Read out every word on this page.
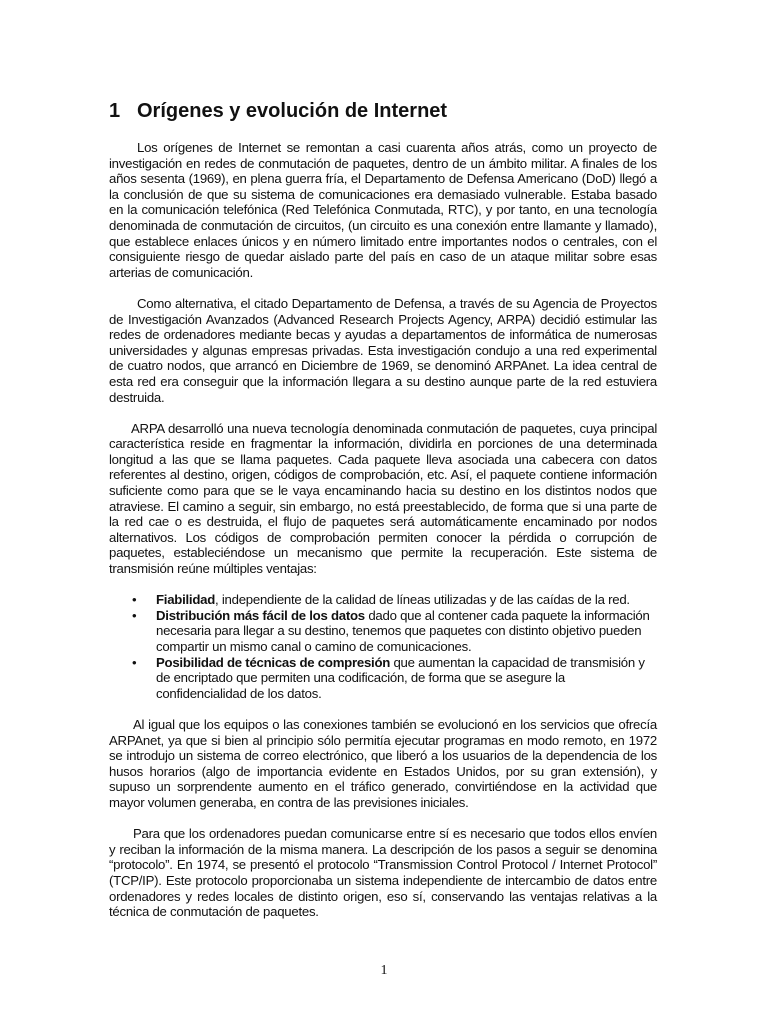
1 Orígenes y evolución de Internet

Los orígenes de Internet se remontan a casi cuarenta años atrás, como un proyecto de investigación en redes de conmutación de paquetes, dentro de un ámbito militar. A finales de los años sesenta (1969), en plena guerra fría, el Departamento de Defensa Americano (DoD) llegó a la conclusión de que su sistema de comunicaciones era demasiado vulnerable. Estaba basado en la comunicación telefónica (Red Telefónica Conmutada, RTC), y por tanto, en una tecnología denominada de conmutación de circuitos, (un circuito es una conexión entre llamante y llamado), que establece enlaces únicos y en número limitado entre importantes nodos o centrales, con el consiguiente riesgo de quedar aislado parte del país en caso de un ataque militar sobre esas arterias de comunicación.

Como alternativa, el citado Departamento de Defensa, a través de su Agencia de Proyectos de Investigación Avanzados (Advanced Research Projects Agency, ARPA) decidió estimular las redes de ordenadores mediante becas y ayudas a departamentos de informática de numerosas universidades y algunas empresas privadas. Esta investigación condujo a una red experimental de cuatro nodos, que arrancó en Diciembre de 1969, se denominó ARPAnet. La idea central de esta red era conseguir que la información llegara a su destino aunque parte de la red estuviera destruida.

ARPA desarrolló una nueva tecnología denominada conmutación de paquetes, cuya principal característica reside en fragmentar la información, dividirla en porciones de una determinada longitud a las que se llama paquetes. Cada paquete lleva asociada una cabecera con datos referentes al destino, origen, códigos de comprobación, etc. Así, el paquete contiene información suficiente como para que se le vaya encaminando hacia su destino en los distintos nodos que atraviese. El camino a seguir, sin embargo, no está preestablecido, de forma que si una parte de la red cae o es destruida, el flujo de paquetes será automáticamente encaminado por nodos alternativos. Los códigos de comprobación permiten conocer la pérdida o corrupción de paquetes, estableciéndose un mecanismo que permite la recuperación. Este sistema de transmisión reúne múltiples ventajas:

• Fiabilidad, independiente de la calidad de líneas utilizadas y de las caídas de la red.
• Distribución más fácil de los datos dado que al contener cada paquete la información necesaria para llegar a su destino, tenemos que paquetes con distinto objetivo pueden compartir un mismo canal o camino de comunicaciones.
• Posibilidad de técnicas de compresión que aumentan la capacidad de transmisión y de encriptado que permiten una codificación, de forma que se asegure la confidencialidad de los datos.

Al igual que los equipos o las conexiones también se evolucionó en los servicios que ofrecía ARPAnet, ya que si bien al principio sólo permitía ejecutar programas en modo remoto, en 1972 se introdujo un sistema de correo electrónico, que liberó a los usuarios de la dependencia de los husos horarios (algo de importancia evidente en Estados Unidos, por su gran extensión), y supuso un sorprendente aumento en el tráfico generado, convirtiéndose en la actividad que mayor volumen generaba, en contra de las previsiones iniciales.

Para que los ordenadores puedan comunicarse entre sí es necesario que todos ellos envíen y reciban la información de la misma manera. La descripción de los pasos a seguir se denomina “protocolo”. En 1974, se presentó el protocolo “Transmission Control Protocol / Internet Protocol” (TCP/IP). Este protocolo proporcionaba un sistema independiente de intercambio de datos entre ordenadores y redes locales de distinto origen, eso sí, conservando las ventajas relativas a la técnica de conmutación de paquetes.

1
